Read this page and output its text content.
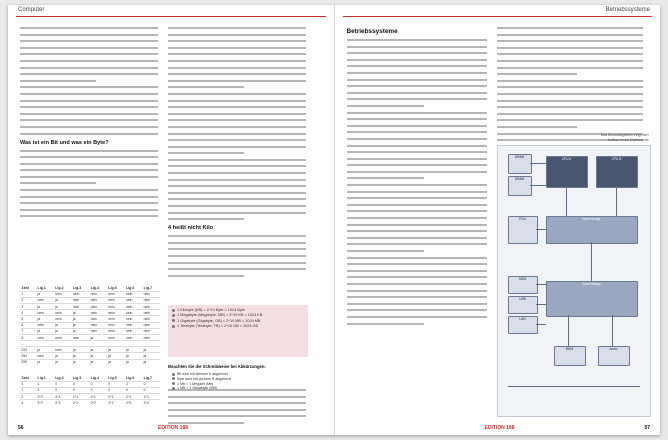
Computer
Was ist ein Bit und was ein Byte?
4 heißt nicht Kilo
Zahl	Lig.1	Lig.2	Lig.3	Lig.4	Lig.5	Lig.6	Lig.7
1	ja	nein	nein	nein	nein	nein	nein
2	nein	ja	nein	nein	nein	nein	nein
3	ja	ja	nein	nein	nein	nein	nein
4	nein	nein	ja	nein	nein	nein	nein
5	ja	nein	ja	nein	nein	nein	nein
6	nein	ja	ja	nein	nein	nein	nein
7	ja	ja	ja	nein	nein	nein	nein
8	nein	nein	nein	ja	nein	nein	nein
...							
253	ja	nein	ja	ja	ja	ja	ja
254	nein	ja	ja	ja	ja	ja	ja
255	ja	ja	ja	ja	ja	ja	ja
Zahl	Lig.1	Lig.2	Lig.3	Lig.4	Lig.5	Lig.6	Lig.7
0	1	0	0	0	0	0	0
1	2	0	0	0	0	0	0
2	2^2	2^1	2^1	2^1	2^1	2^1	2^1
4	2^2	2^2	2^2	2^2	2^2	2^2	2^2
1 Kilobyte (KB) = 2^10 Byte = 1024 Byte
1 Megabyte (Megabyte, MB) = 2^10 KB = 1024 KB
1 Gigabyte (Gigabyte, GB) = 2^10 MB = 1024 MB
1 Terabyte (Terabyte, TB) = 2^10 GB = 1024 GB
Beachten Sie die Schreibweise bei Abkürzungen:
Bit wird mit kleinem b abgekürzt
Byte wird mit großem B abgekürzt
1 Mb = 1 Megabit (Mb)
56	EDITION 188
Betriebssysteme
Betriebssysteme
Das Blockdiagramm zeigt den Aufbau eines Mainboards
DRAM
DRAM
CPU A	CPU B
North Bridge
PCIe
South Bridge
SATA
USB
LAN
BIOS	Audio
EDITION 188	57
